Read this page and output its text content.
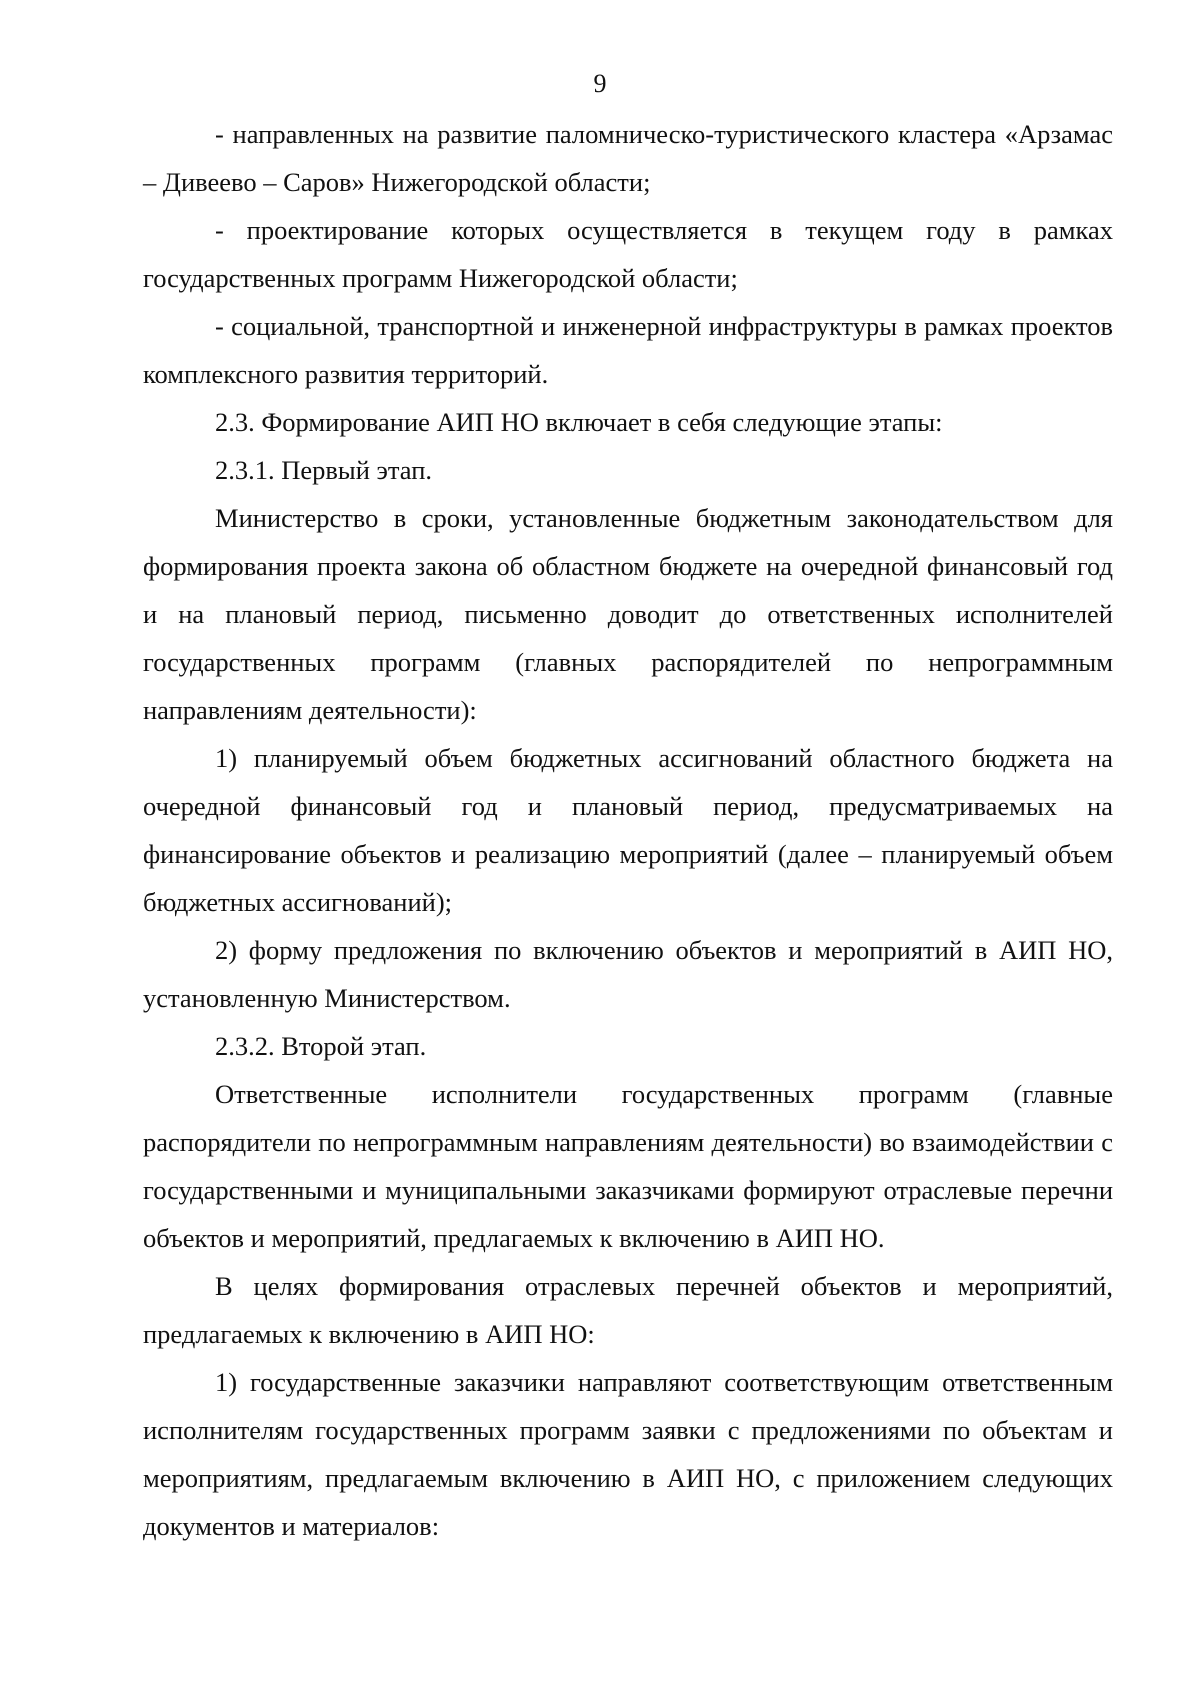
9

- направленных на развитие паломническо-туристического кластера «Арзамас – Дивеево – Саров» Нижегородской области;

- проектирование которых осуществляется в текущем году в рамках государственных программ Нижегородской области;

- социальной, транспортной и инженерной инфраструктуры в рамках проектов комплексного развития территорий.

2.3. Формирование АИП НО включает в себя следующие этапы:

2.3.1. Первый этап.

Министерство в сроки, установленные бюджетным законодательством для формирования проекта закона об областном бюджете на очередной финансовый год и на плановый период, письменно доводит до ответственных исполнителей государственных программ (главных распорядителей по непрограммным направлениям деятельности):

1) планируемый объем бюджетных ассигнований областного бюджета на очередной финансовый год и плановый период, предусматриваемых на финансирование объектов и реализацию мероприятий (далее – планируемый объем бюджетных ассигнований);

2) форму предложения по включению объектов и мероприятий в АИП НО, установленную Министерством.

2.3.2. Второй этап.

Ответственные исполнители государственных программ (главные распорядители по непрограммным направлениям деятельности) во взаимодействии с государственными и муниципальными заказчиками формируют отраслевые перечни объектов и мероприятий, предлагаемых к включению в АИП НО.

В целях формирования отраслевых перечней объектов и мероприятий, предлагаемых к включению в АИП НО:

1) государственные заказчики направляют соответствующим ответственным исполнителям государственных программ заявки с предложениями по объектам и мероприятиям, предлагаемым включению в АИП НО, с приложением следующих документов и материалов:
